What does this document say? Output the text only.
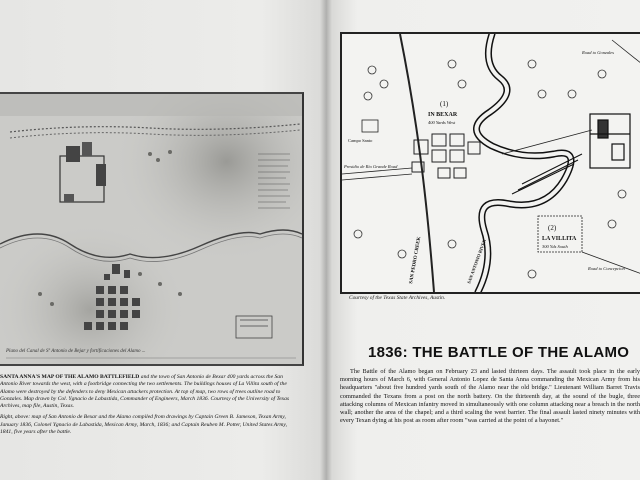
Plano del Canal de Sº Antonio de Bejar y fortificaciones del Alamo ...

SANTA ANNA'S MAP OF THE ALAMO BATTLEFIELD and the town of San Antonio de Bexar 400 yards across the San Antonio River towards the west, with a footbridge connecting the two settlements. The buildings houses of La Villita south of the Alamo were destroyed by the defenders to deny Mexican attackers protection. At top of map, two rows of trees outline road to Gonzales. Map drawn by Col. Ygnacio de Labastida, Commander of Engineers, March 1836. Courtesy of the University of Texas Archives, map file, Austin, Texas.

Right, above: map of San Antonio de Bexar and the Alamo compiled from drawings by Captain Green B. Jameson, Texan Army, January 1836, Colonel Ygnacio de Labastida, Mexican Army, March, 1836; and Captain Reuben M. Potter, United States Army, 1841, five years after the battle.

(1)
IN BEXAR
400 Yards West
Campo Santo
Presidio de Rio Grande Road
Road to Gonzales
(2)
LA VILLITA
300 Yds South
Road to Concepcion
SAN PEDRO CREEK	SAN ANTONIO RIVER
Courtesy of the Texas State Archives, Austin.
1836: THE BATTLE OF THE ALAMO
The Battle of the Alamo began on February 23 and lasted thirteen days. The assault took place in the early morning hours of March 6, with General Antonio Lopez de Santa Anna commanding the Mexican Army from his headquarters "about five hundred yards south of the Alamo near the old bridge." Lieutenant William Barret Travis commanded the Texans from a post on the north battery. On the thirteenth day, at the sound of the bugle, three attacking columns of Mexican infantry moved in simultaneously with one column attacking near a breach in the north wall; another the area of the chapel; and a third scaling the west barrier. The final assault lasted ninety minutes with every Texan dying at his post as room after room "was carried at the point of a bayonet."
